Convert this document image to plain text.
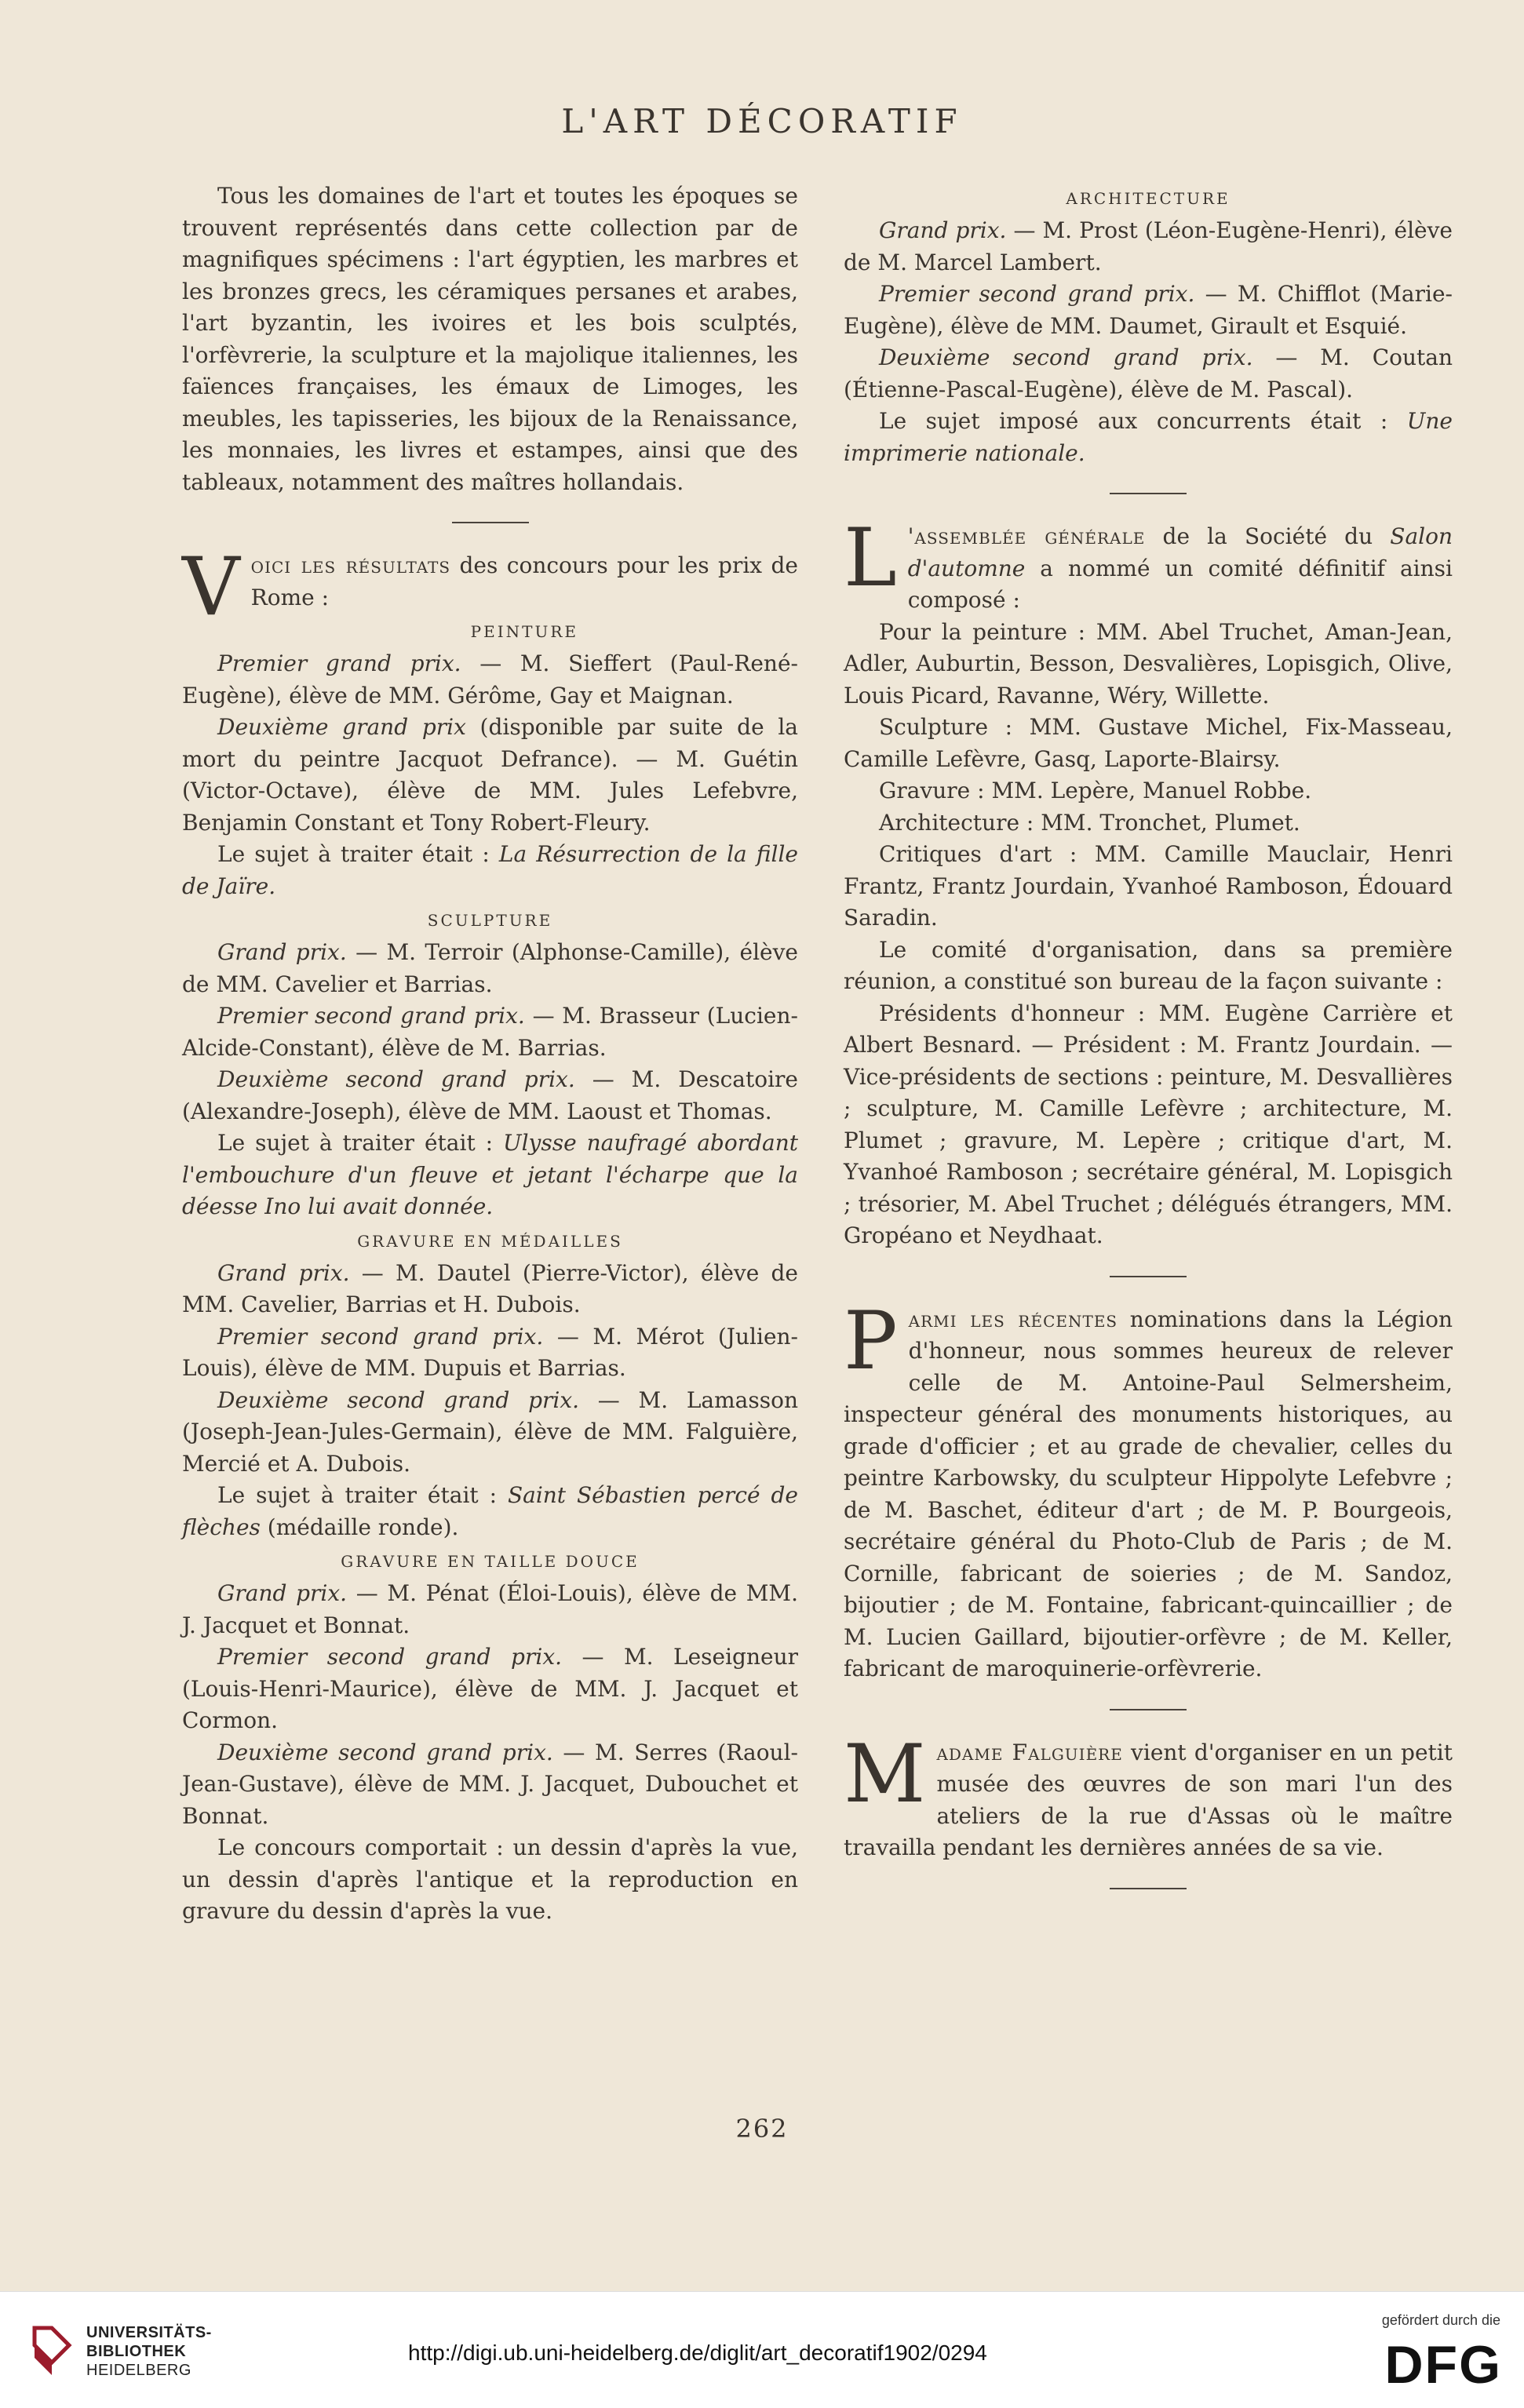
L'ART DÉCORATIF

Tous les domaines de l'art et toutes les époques se trouvent représentés dans cette collection par de magnifiques spécimens : l'art égyptien, les marbres et les bronzes grecs, les céramiques persanes et arabes, l'art byzantin, les ivoires et les bois sculptés, l'orfèvrerie, la sculpture et la majolique italiennes, les faïences françaises, les émaux de Limoges, les meubles, les tapisseries, les bijoux de la Renaissance, les monnaies, les livres et estampes, ainsi que des tableaux, notamment des maîtres hollandais.

Voici les résultats des concours pour les prix de Rome :

PEINTURE

Premier grand prix. — M. Sieffert (Paul-René-Eugène), élève de MM. Gérôme, Gay et Maignan.

Deuxième grand prix (disponible par suite de la mort du peintre Jacquot Defrance). — M. Guétin (Victor-Octave), élève de MM. Jules Lefebvre, Benjamin Constant et Tony Robert-Fleury.

Le sujet à traiter était : La Résurrection de la fille de Jaïre.

SCULPTURE

Grand prix. — M. Terroir (Alphonse-Camille), élève de MM. Cavelier et Barrias.

Premier second grand prix. — M. Brasseur (Lucien-Alcide-Constant), élève de M. Barrias.

Deuxième second grand prix. — M. Descatoire (Alexandre-Joseph), élève de MM. Laoust et Thomas.

Le sujet à traiter était : Ulysse naufragé abordant l'embouchure d'un fleuve et jetant l'écharpe que la déesse Ino lui avait donnée.

GRAVURE EN MÉDAILLES

Grand prix. — M. Dautel (Pierre-Victor), élève de MM. Cavelier, Barrias et H. Dubois.

Premier second grand prix. — M. Mérot (Julien-Louis), élève de MM. Dupuis et Barrias.

Deuxième second grand prix. — M. Lamasson (Joseph-Jean-Jules-Germain), élève de MM. Falguière, Mercié et A. Dubois.

Le sujet à traiter était : Saint Sébastien percé de flèches (médaille ronde).

GRAVURE EN TAILLE DOUCE

Grand prix. — M. Pénat (Éloi-Louis), élève de MM. J. Jacquet et Bonnat.

Premier second grand prix. — M. Leseigneur (Louis-Henri-Maurice), élève de MM. J. Jacquet et Cormon.

Deuxième second grand prix. — M. Serres (Raoul-Jean-Gustave), élève de MM. J. Jacquet, Dubouchet et Bonnat.

Le concours comportait : un dessin d'après la vue, un dessin d'après l'antique et la reproduction en gravure du dessin d'après la vue.

ARCHITECTURE

Grand prix. — M. Prost (Léon-Eugène-Henri), élève de M. Marcel Lambert.

Premier second grand prix. — M. Chifflot (Marie-Eugène), élève de MM. Daumet, Girault et Esquié.

Deuxième second grand prix. — M. Coutan (Étienne-Pascal-Eugène), élève de M. Pascal).

Le sujet imposé aux concurrents était : Une imprimerie nationale.

L 'assemblée générale de la Société du Salon d'automne a nommé un comité définitif ainsi composé :

Pour la peinture : MM. Abel Truchet, Aman-Jean, Adler, Auburtin, Besson, Desvalières, Lopisgich, Olive, Louis Picard, Ravanne, Wéry, Willette.

Sculpture : MM. Gustave Michel, Fix-Masseau, Camille Lefèvre, Gasq, Laporte-Blairsy.

Gravure : MM. Lepère, Manuel Robbe.

Architecture : MM. Tronchet, Plumet.

Critiques d'art : MM. Camille Mauclair, Henri Frantz, Frantz Jourdain, Yvanhoé Ramboson, Édouard Saradin.

Le comité d'organisation, dans sa première réunion, a constitué son bureau de la façon suivante :

Présidents d'honneur : MM. Eugène Carrière et Albert Besnard. — Président : M. Frantz Jourdain. — Vice-présidents de sections : peinture, M. Desvallières ; sculpture, M. Camille Lefèvre ; architecture, M. Plumet ; gravure, M. Lepère ; critique d'art, M. Yvanhoé Ramboson ; secrétaire général, M. Lopisgich ; trésorier, M. Abel Truchet ; délégués étrangers, MM. Gropéano et Neydhaat.

Parmi les récentes nominations dans la Légion d'honneur, nous sommes heureux de relever celle de M. Antoine-Paul Selmersheim, inspecteur général des monuments historiques, au grade d'officier ; et au grade de chevalier, celles du peintre Karbowsky, du sculpteur Hippolyte Lefebvre ; de M. Baschet, éditeur d'art ; de M. P. Bourgeois, secrétaire général du Photo-Club de Paris ; de M. Cornille, fabricant de soieries ; de M. Sandoz, bijoutier ; de M. Fontaine, fabricant-quincaillier ; de M. Lucien Gaillard, bijoutier-orfèvre ; de M. Keller, fabricant de maroquinerie-orfèvrerie.

Madame Falguière vient d'organiser en un petit musée des œuvres de son mari l'un des ateliers de la rue d'Assas où le maître travailla pendant les dernières années de sa vie.

262
UNIVERSITÄTS-
BIBLIOTHEK
HEIDELBERG
http://digi.ub.uni-heidelberg.de/diglit/art_decoratif1902/0294
gefördert durch die
DFG
